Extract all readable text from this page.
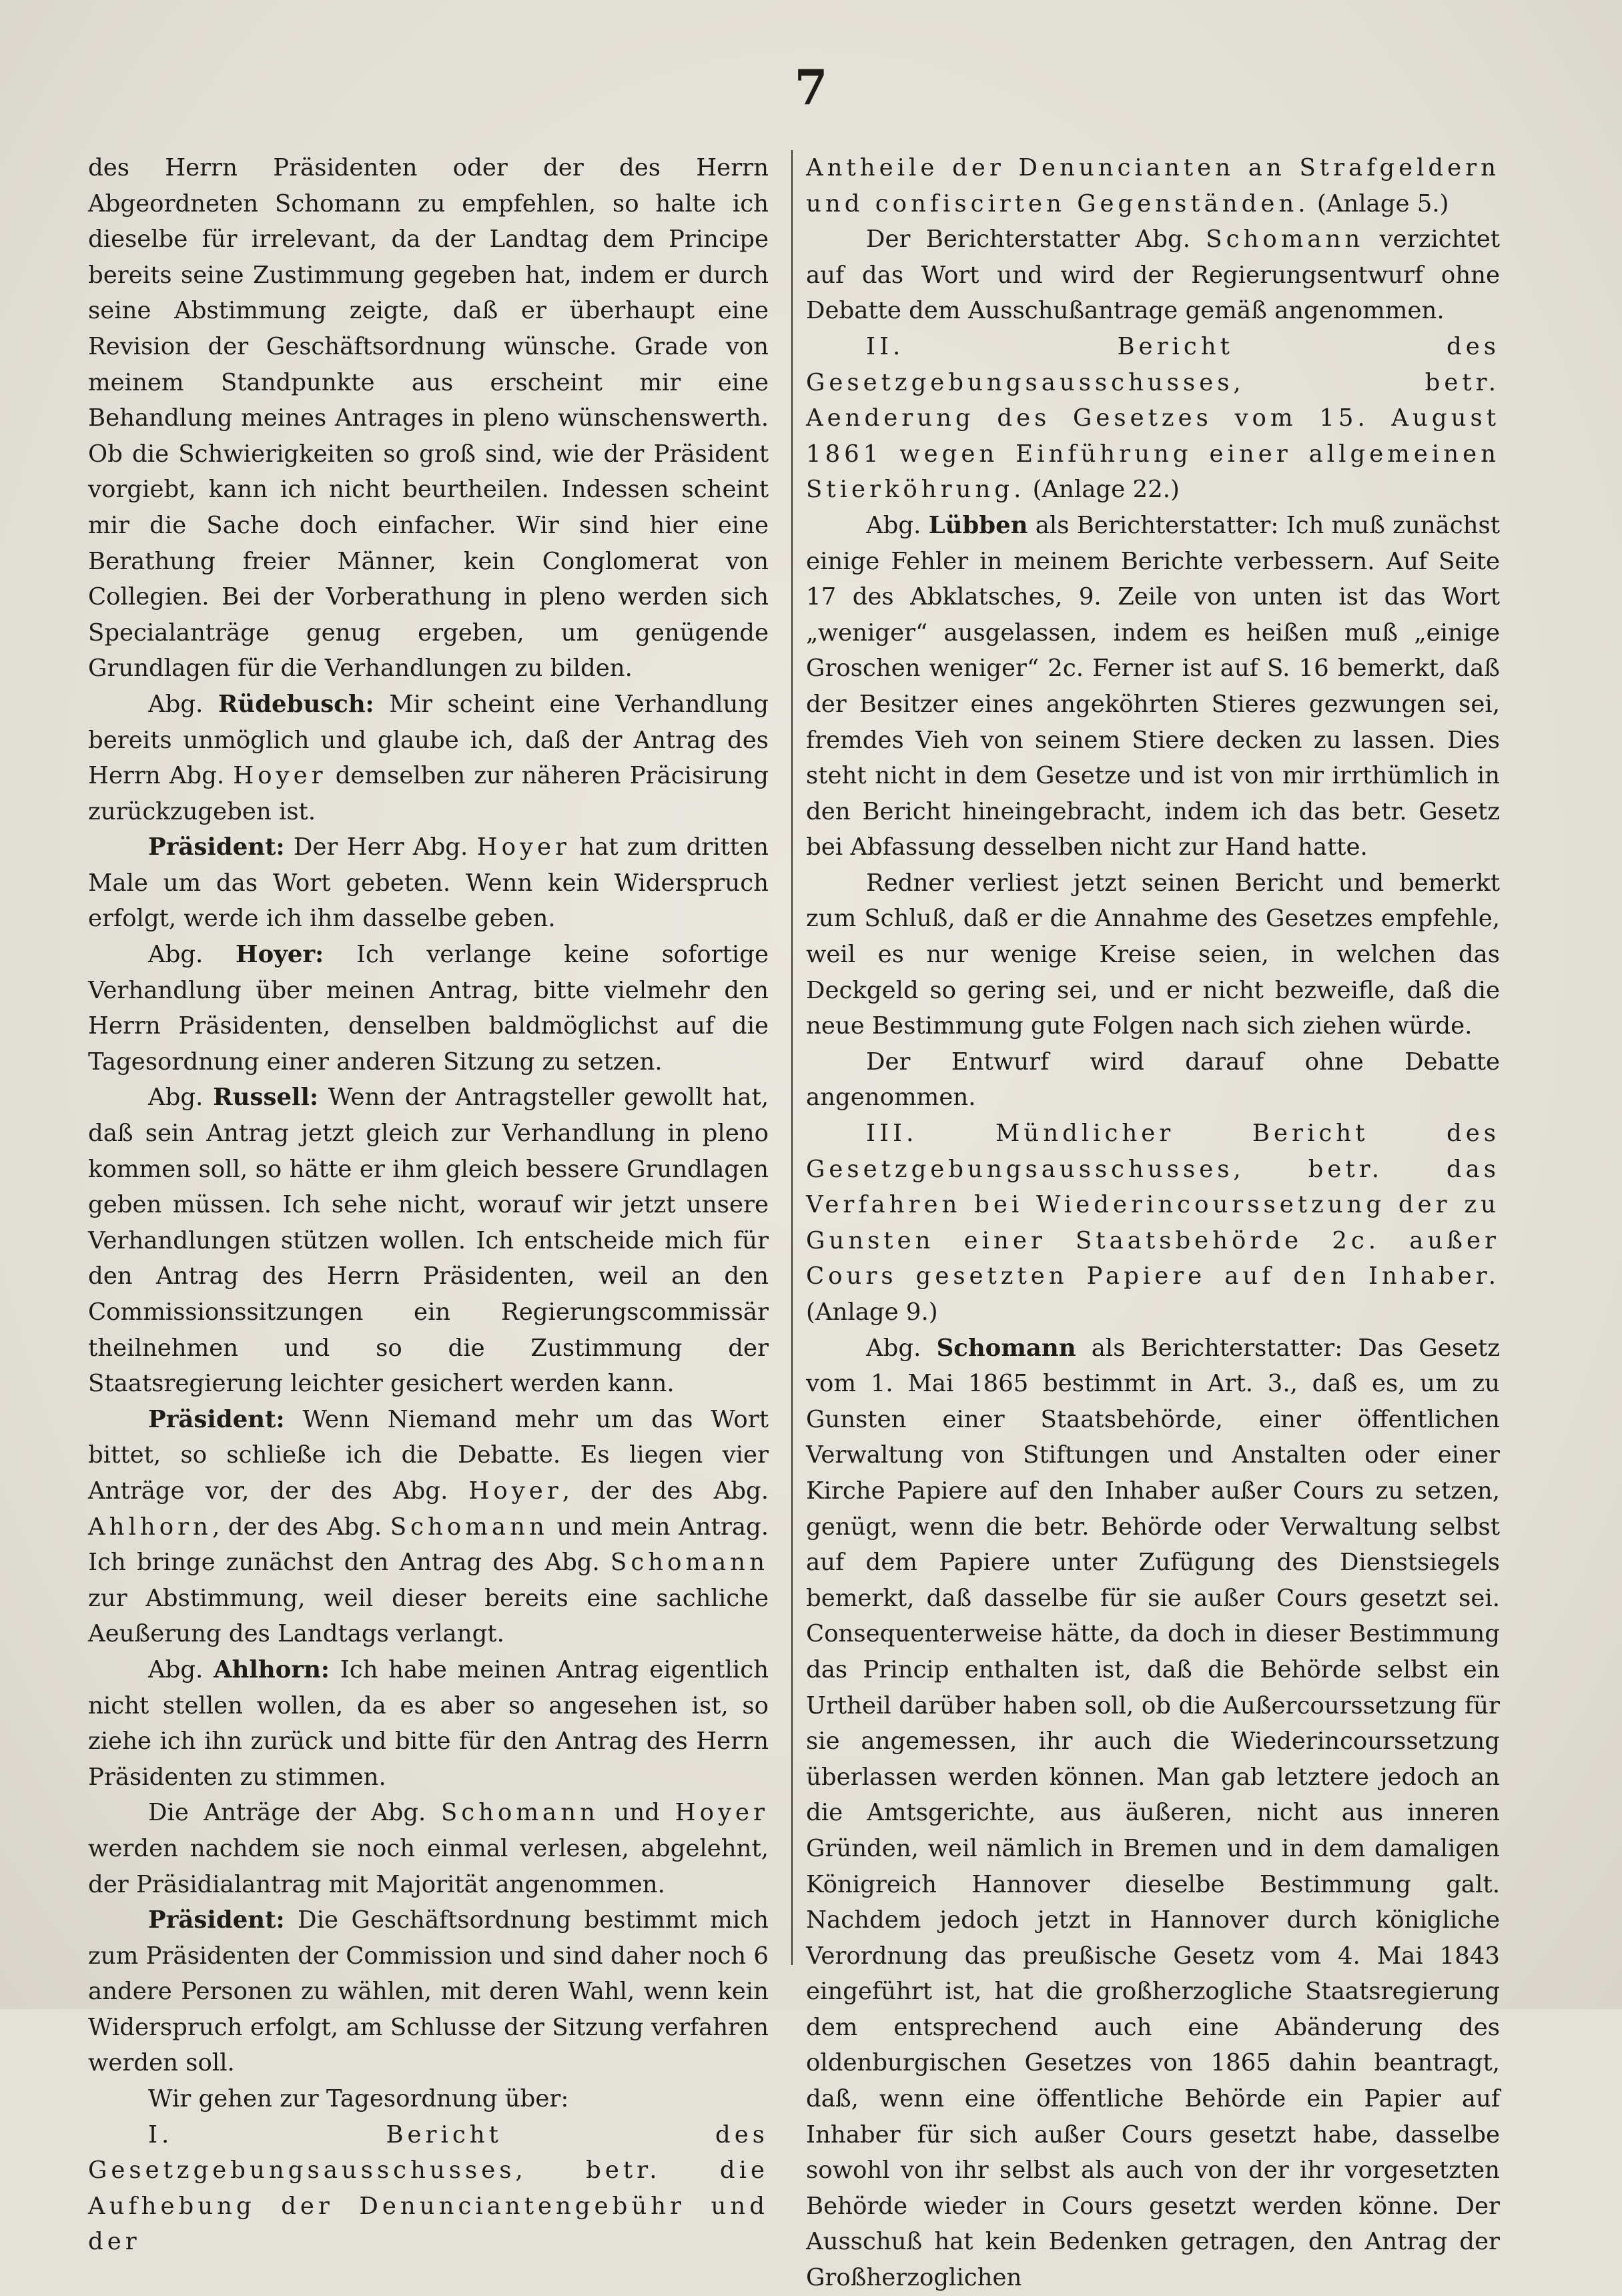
7

des Herrn Präsidenten oder der des Herrn Abgeordneten Schomann zu empfehlen, so halte ich dieselbe für irrelevant, da der Landtag dem Principe bereits seine Zustimmung gegeben hat, indem er durch seine Abstimmung zeigte, daß er überhaupt eine Revision der Geschäftsordnung wünsche. Grade von meinem Standpunkte aus erscheint mir eine Behandlung meines Antrages in pleno wünschenswerth. Ob die Schwierigkeiten so groß sind, wie der Präsident vorgiebt, kann ich nicht beurtheilen. Indessen scheint mir die Sache doch einfacher. Wir sind hier eine Berathung freier Männer, kein Conglomerat von Collegien. Bei der Vorberathung in pleno werden sich Specialanträge genug ergeben, um genügende Grundlagen für die Verhandlungen zu bilden.

Abg. Rüdebusch: Mir scheint eine Verhandlung bereits unmöglich und glaube ich, daß der Antrag des Herrn Abg. Hoyer demselben zur näheren Präcisirung zurückzugeben ist.

Präsident: Der Herr Abg. Hoyer hat zum dritten Male um das Wort gebeten. Wenn kein Widerspruch erfolgt, werde ich ihm dasselbe geben.

Abg. Hoyer: Ich verlange keine sofortige Verhandlung über meinen Antrag, bitte vielmehr den Herrn Präsidenten, denselben baldmöglichst auf die Tagesordnung einer anderen Sitzung zu setzen.

Abg. Russell: Wenn der Antragsteller gewollt hat, daß sein Antrag jetzt gleich zur Verhandlung in pleno kommen soll, so hätte er ihm gleich bessere Grundlagen geben müssen. Ich sehe nicht, worauf wir jetzt unsere Verhandlungen stützen wollen. Ich entscheide mich für den Antrag des Herrn Präsidenten, weil an den Commissionssitzungen ein Regierungscommissär theilnehmen und so die Zustimmung der Staatsregierung leichter gesichert werden kann.

Präsident: Wenn Niemand mehr um das Wort bittet, so schließe ich die Debatte. Es liegen vier Anträge vor, der des Abg. Hoyer, der des Abg. Ahlhorn, der des Abg. Schomann und mein Antrag. Ich bringe zunächst den Antrag des Abg. Schomann zur Abstimmung, weil dieser bereits eine sachliche Aeußerung des Landtags verlangt.

Abg. Ahlhorn: Ich habe meinen Antrag eigentlich nicht stellen wollen, da es aber so angesehen ist, so ziehe ich ihn zurück und bitte für den Antrag des Herrn Präsidenten zu stimmen.

Die Anträge der Abg. Schomann und Hoyer werden nachdem sie noch einmal verlesen, abgelehnt, der Präsidialantrag mit Majorität angenommen.

Präsident: Die Geschäftsordnung bestimmt mich zum Präsidenten der Commission und sind daher noch 6 andere Personen zu wählen, mit deren Wahl, wenn kein Widerspruch erfolgt, am Schlusse der Sitzung verfahren werden soll.

Wir gehen zur Tagesordnung über:

I. Bericht des Gesetzgebungsausschusses, betr. die Aufhebung der Denunciantengebühr und der

Antheile der Denuncianten an Strafgeldern und confiscirten Gegenständen. (Anlage 5.)

Der Berichterstatter Abg. Schomann verzichtet auf das Wort und wird der Regierungsentwurf ohne Debatte dem Ausschußantrage gemäß angenommen.

II. Bericht des Gesetzgebungsausschusses, betr. Aenderung des Gesetzes vom 15. August 1861 wegen Einführung einer allgemeinen Stierköhrung. (Anlage 22.)

Abg. Lübben als Berichterstatter: Ich muß zunächst einige Fehler in meinem Berichte verbessern. Auf Seite 17 des Abklatsches, 9. Zeile von unten ist das Wort „weniger“ ausgelassen, indem es heißen muß „einige Groschen weniger“ 2c. Ferner ist auf S. 16 bemerkt, daß der Besitzer eines angeköhrten Stieres gezwungen sei, fremdes Vieh von seinem Stiere decken zu lassen. Dies steht nicht in dem Gesetze und ist von mir irrthümlich in den Bericht hineingebracht, indem ich das betr. Gesetz bei Abfassung desselben nicht zur Hand hatte.

Redner verliest jetzt seinen Bericht und bemerkt zum Schluß, daß er die Annahme des Gesetzes empfehle, weil es nur wenige Kreise seien, in welchen das Deckgeld so gering sei, und er nicht bezweifle, daß die neue Bestimmung gute Folgen nach sich ziehen würde.

Der Entwurf wird darauf ohne Debatte angenommen.

III. Mündlicher Bericht des Gesetzgebungsausschusses, betr. das Verfahren bei Wiederincourssetzung der zu Gunsten einer Staatsbehörde 2c. außer Cours gesetzten Papiere auf den Inhaber. (Anlage 9.)

Abg. Schomann als Berichterstatter: Das Gesetz vom 1. Mai 1865 bestimmt in Art. 3., daß es, um zu Gunsten einer Staatsbehörde, einer öffentlichen Verwaltung von Stiftungen und Anstalten oder einer Kirche Papiere auf den Inhaber außer Cours zu setzen, genügt, wenn die betr. Behörde oder Verwaltung selbst auf dem Papiere unter Zufügung des Dienstsiegels bemerkt, daß dasselbe für sie außer Cours gesetzt sei. Consequenterweise hätte, da doch in dieser Bestimmung das Princip enthalten ist, daß die Behörde selbst ein Urtheil darüber haben soll, ob die Außercourssetzung für sie angemessen, ihr auch die Wiederincourssetzung überlassen werden können. Man gab letztere jedoch an die Amtsgerichte, aus äußeren, nicht aus inneren Gründen, weil nämlich in Bremen und in dem damaligen Königreich Hannover dieselbe Bestimmung galt. Nachdem jedoch jetzt in Hannover durch königliche Verordnung das preußische Gesetz vom 4. Mai 1843 eingeführt ist, hat die großherzogliche Staatsregierung dem entsprechend auch eine Abänderung des oldenburgischen Gesetzes von 1865 dahin beantragt, daß, wenn eine öffentliche Behörde ein Papier auf Inhaber für sich außer Cours gesetzt habe, dasselbe sowohl von ihr selbst als auch von der ihr vorgesetzten Behörde wieder in Cours gesetzt werden könne. Der Ausschuß hat kein Bedenken getragen, den Antrag der Großherzoglichen
